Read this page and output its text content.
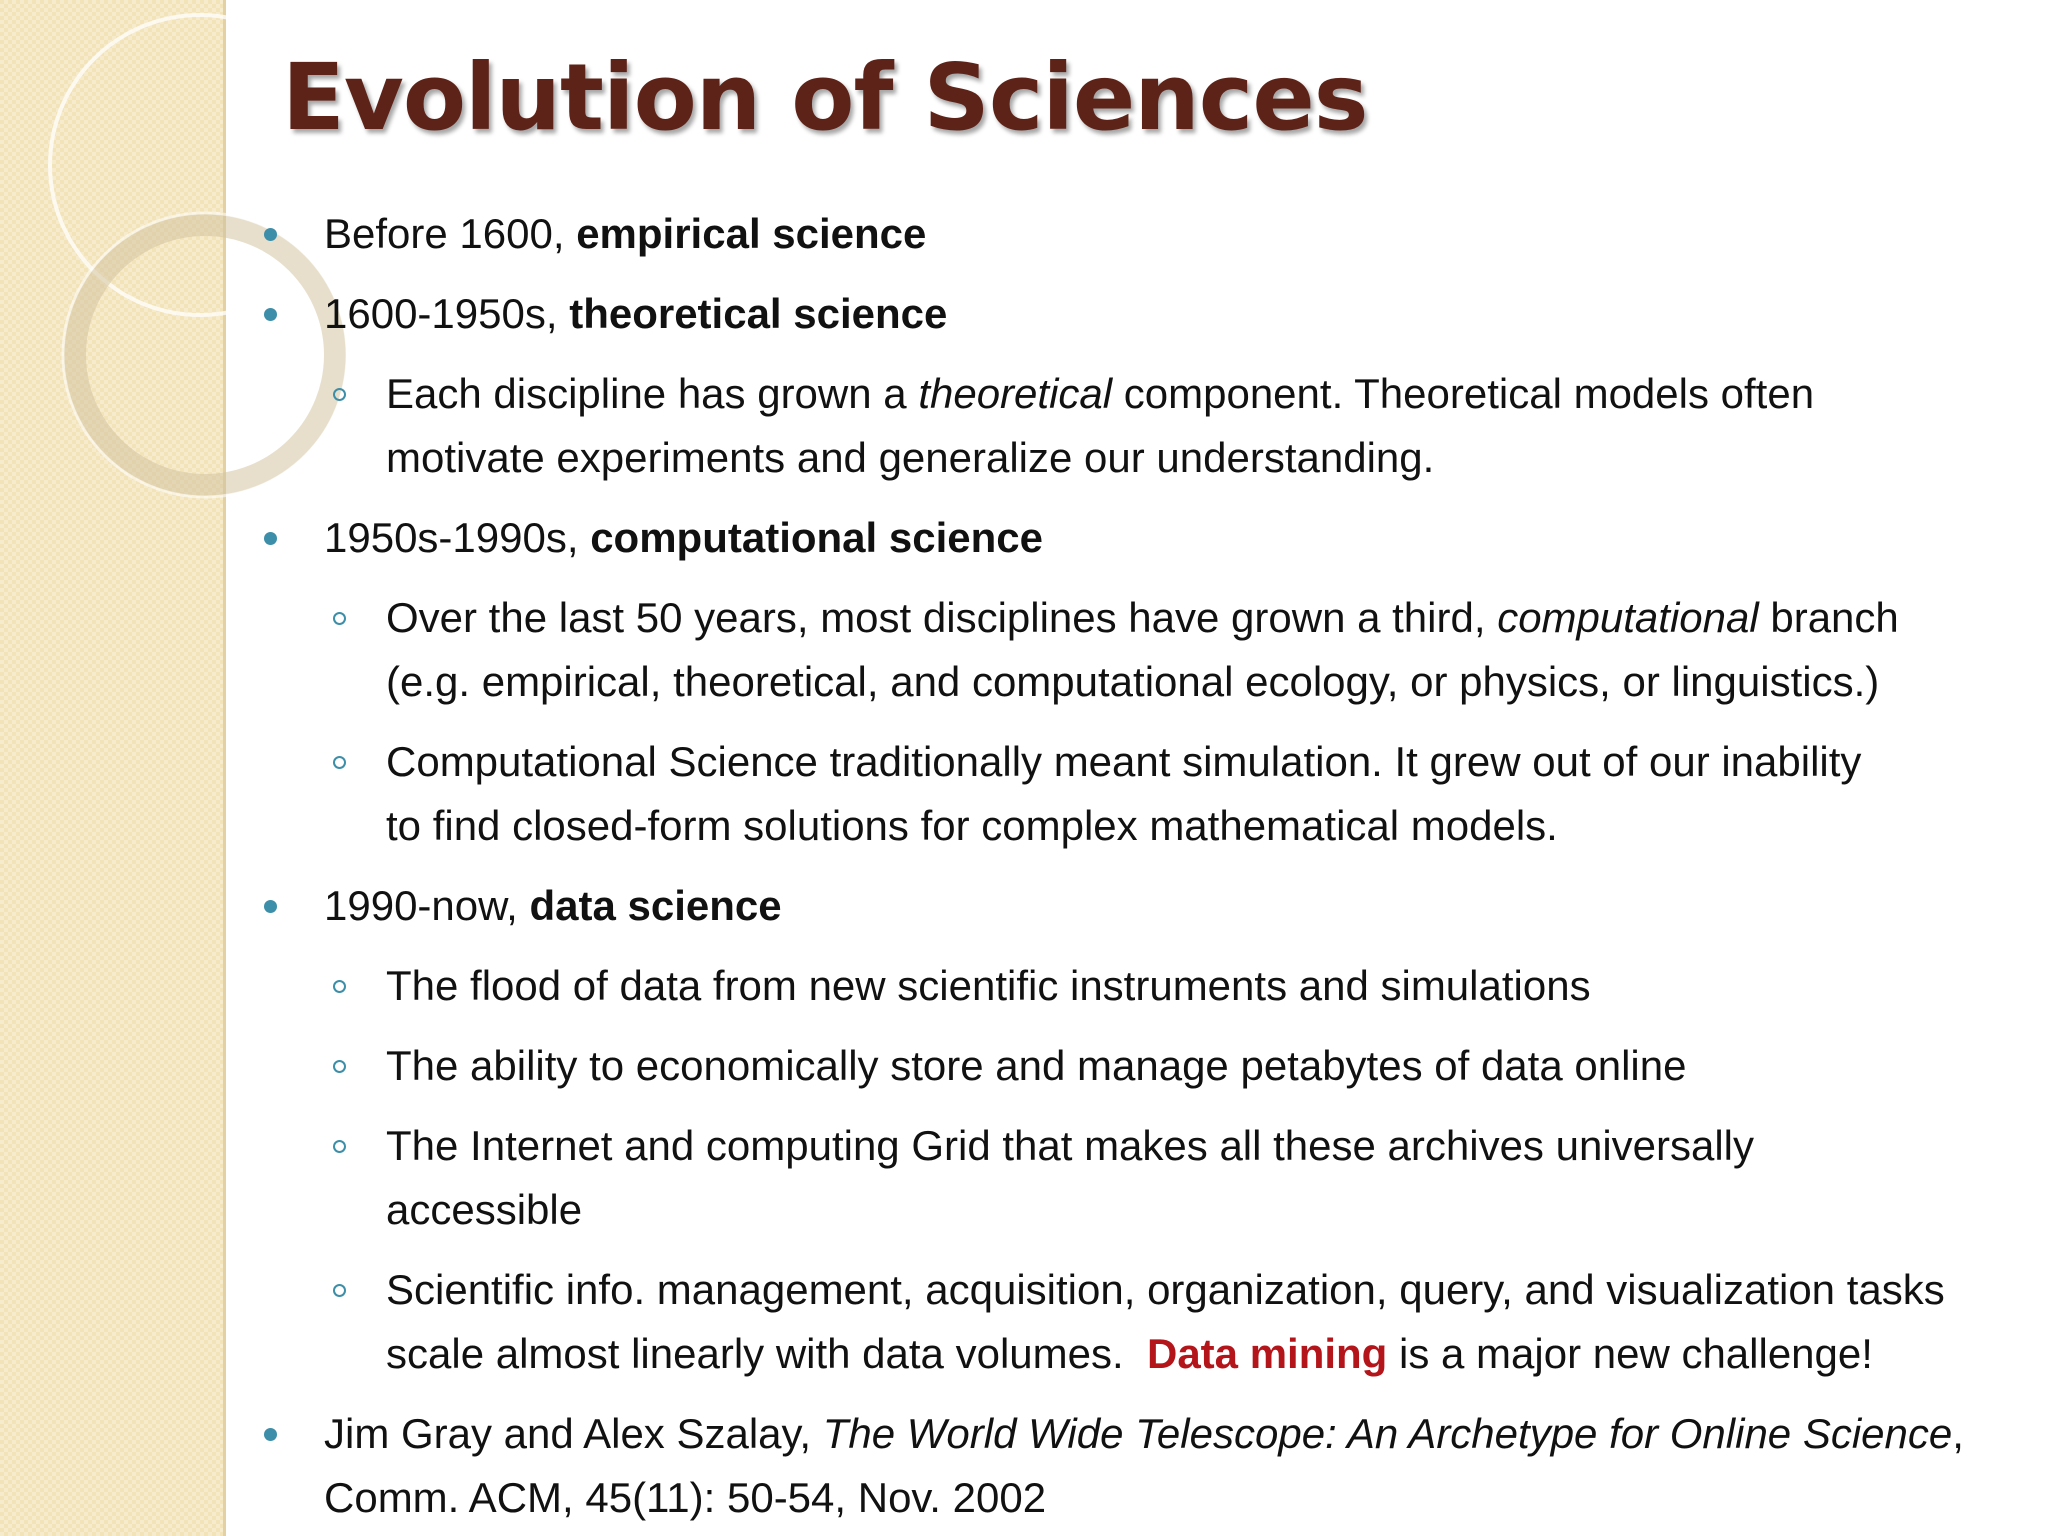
Evolution of Sciences
Before 1600, empirical science
1600-1950s, theoretical science
Each discipline has grown a theoretical component. Theoretical models often
motivate experiments and generalize our understanding.
1950s-1990s, computational science
Over the last 50 years, most disciplines have grown a third, computational branch
(e.g. empirical, theoretical, and computational ecology, or physics, or linguistics.)
Computational Science traditionally meant simulation. It grew out of our inability
to find closed-form solutions for complex mathematical models.
1990-now, data science
The flood of data from new scientific instruments and simulations
The ability to economically store and manage petabytes of data online
The Internet and computing Grid that makes all these archives universally
accessible
Scientific info. management, acquisition, organization, query, and visualization tasks
scale almost linearly with data volumes.  Data mining is a major new challenge!
Jim Gray and Alex Szalay, The World Wide Telescope: An Archetype for Online Science,
Comm. ACM, 45(11): 50-54, Nov. 2002
